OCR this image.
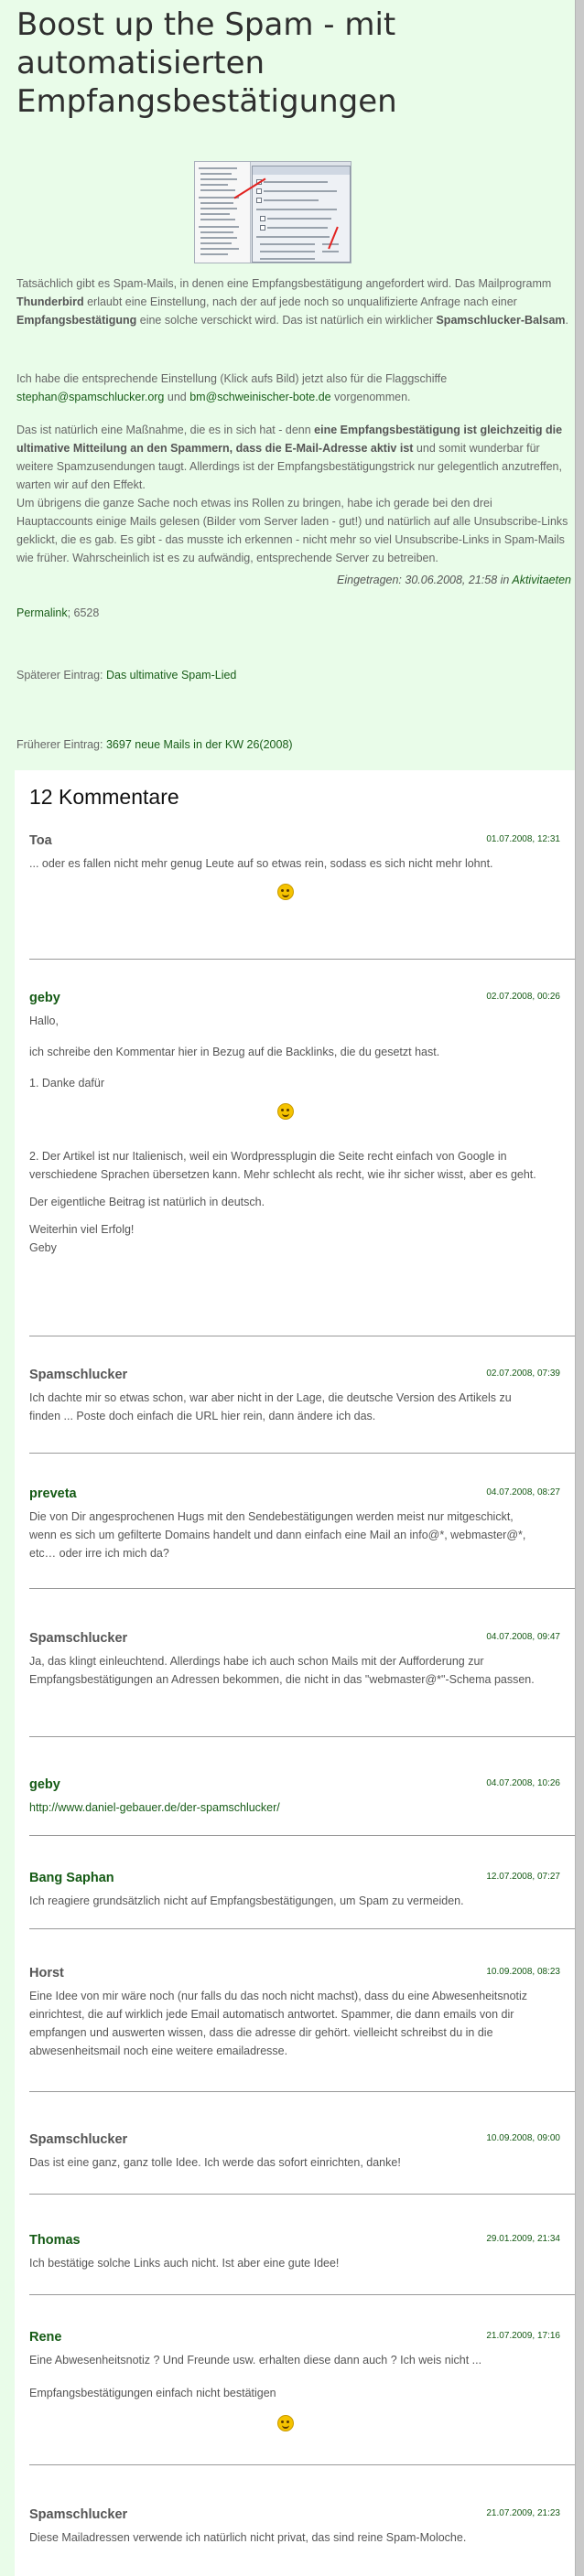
Boost up the Spam - mit automatisierten Empfangsbestätigungen

Tatsächlich gibt es Spam-Mails, in denen eine Empfangsbestätigung angefordert wird. Das Mailprogramm Thunderbird erlaubt eine Einstellung, nach der auf jede noch so unqualifizierte Anfrage nach einer Empfangsbestätigung eine solche verschickt wird. Das ist natürlich ein wirklicher Spamschlucker-Balsam.

Ich habe die entsprechende Einstellung (Klick aufs Bild) jetzt also für die Flaggschiffe stephan@spamschlucker.org und bm@schweinischer-bote.de vorgenommen.

Das ist natürlich eine Maßnahme, die es in sich hat - denn eine Empfangsbestätigung ist gleichzeitig die ultimative Mitteilung an den Spammern, dass die E-Mail-Adresse aktiv ist und somit wunderbar für weitere Spamzusendungen taugt. Allerdings ist der Empfangsbestätigungstrick nur gelegentlich anzutreffen, warten wir auf den Effekt.

Um übrigens die ganze Sache noch etwas ins Rollen zu bringen, habe ich gerade bei den drei Hauptaccounts einige Mails gelesen (Bilder vom Server laden - gut!) und natürlich auf alle Unsubscribe-Links geklickt, die es gab. Es gibt - das musste ich erkennen - nicht mehr so viel Unsubscribe-Links in Spam-Mails wie früher. Wahrscheinlich ist es zu aufwändig, entsprechende Server zu betreiben.

Eingetragen: 30.06.2008, 21:58 in Aktivitaeten

Permalink; 6528

Späterer Eintrag: Das ultimative Spam-Lied

Früherer Eintrag: 3697 neue Mails in der KW 26(2008)

12 Kommentare
Toa	01.07.2008, 12:31

... oder es fallen nicht mehr genug Leute auf so etwas rein, sodass es sich nicht mehr lohnt.

geby	02.07.2008, 00:26

Hallo,

ich schreibe den Kommentar hier in Bezug auf die Backlinks, die du gesetzt hast.

1. Danke dafür

2. Der Artikel ist nur Italienisch, weil ein Wordpressplugin die Seite recht einfach von Google in verschiedene Sprachen übersetzen kann. Mehr schlecht als recht, wie ihr sicher wisst, aber es geht.

Der eigentliche Beitrag ist natürlich in deutsch.

Weiterhin viel Erfolg!

Geby

Spamschlucker	02.07.2008, 07:39

Ich dachte mir so etwas schon, war aber nicht in der Lage, die deutsche Version des Artikels zu finden ... Poste doch einfach die URL hier rein, dann ändere ich das.

preveta	04.07.2008, 08:27

Die von Dir angesprochenen Hugs mit den Sendebestätigungen werden meist nur mitgeschickt, wenn es sich um gefilterte Domains handelt und dann einfach eine Mail an info@*, webmaster@*, etc… oder irre ich mich da?

Spamschlucker	04.07.2008, 09:47

Ja, das klingt einleuchtend. Allerdings habe ich auch schon Mails mit der Aufforderung zur Empfangsbestätigungen an Adressen bekommen, die nicht in das "webmaster@*"-Schema passen.

geby	04.07.2008, 10:26

http://www.daniel-gebauer.de/der-spamschlucker/

Bang Saphan	12.07.2008, 07:27

Ich reagiere grundsätzlich nicht auf Empfangsbestätigungen, um Spam zu vermeiden.

Horst	10.09.2008, 08:23

Eine Idee von mir wäre noch (nur falls du das noch nicht machst), dass du eine Abwesenheitsnotiz einrichtest, die auf wirklich jede Email automatisch antwortet. Spammer, die dann emails von dir empfangen und auswerten wissen, dass die adresse dir gehört. vielleicht schreibst du in die abwesenheitsmail noch eine weitere emailadresse.

Spamschlucker	10.09.2008, 09:00

Das ist eine ganz, ganz tolle Idee. Ich werde das sofort einrichten, danke!

Thomas	29.01.2009, 21:34

Ich bestätige solche Links auch nicht. Ist aber eine gute Idee!

Rene	21.07.2009, 17:16

Eine Abwesenheitsnotiz ? Und Freunde usw. erhalten diese dann auch ? Ich weis nicht ...

Empfangsbestätigungen einfach nicht bestätigen

Spamschlucker	21.07.2009, 21:23

Diese Mailadressen verwende ich natürlich nicht privat, das sind reine Spam-Moloche.
